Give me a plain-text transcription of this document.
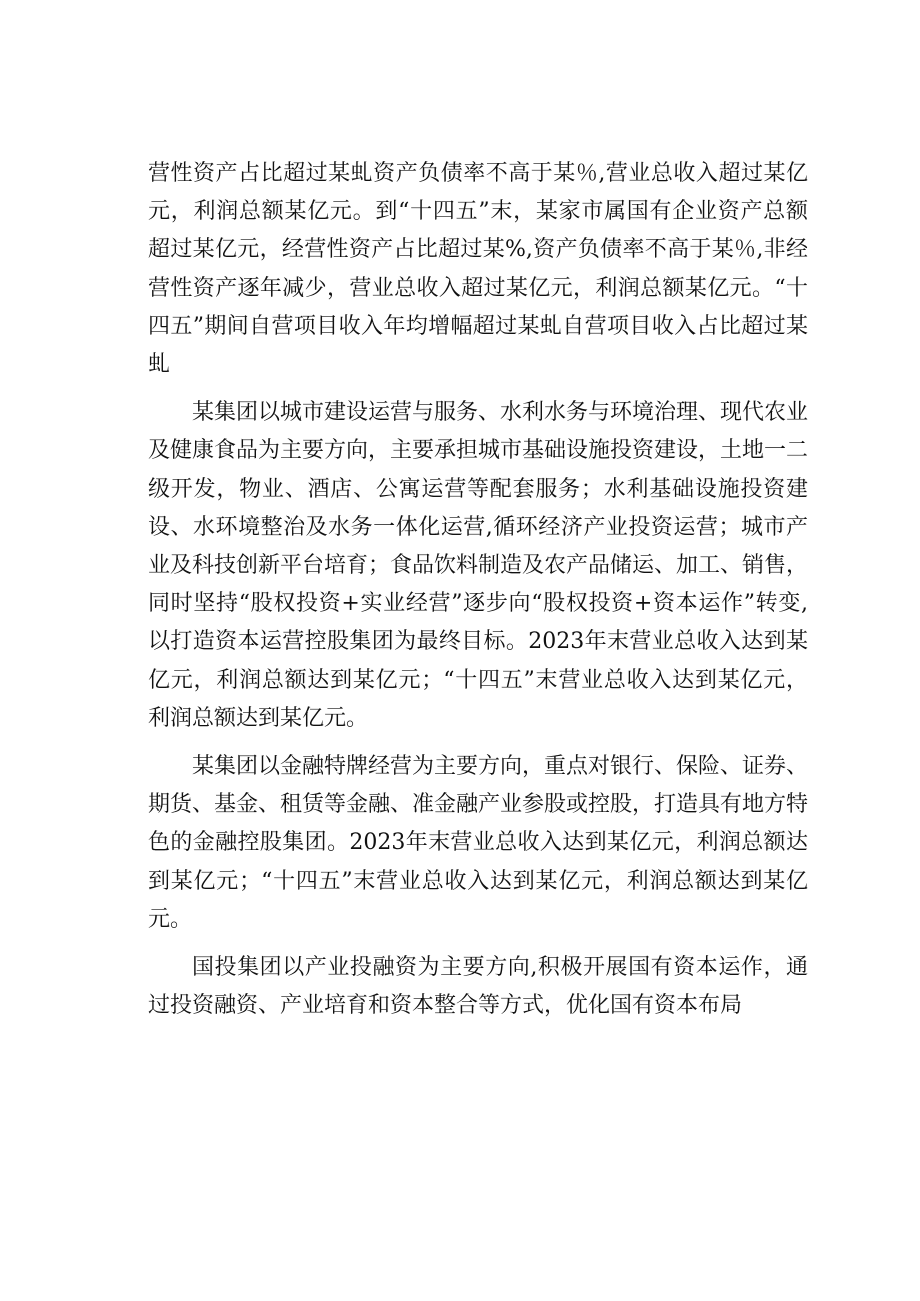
营性资产占比超过某虬资产负债率不高于某％,营业总收入超过某亿元，利润总额某亿元。到“十四五”末，某家市属国有企业资产总额超过某亿元，经营性资产占比超过某%,资产负债率不高于某％,非经营性资产逐年减少，营业总收入超过某亿元，利润总额某亿元。“十四五”期间自营项目收入年均增幅超过某虬自营项目收入占比超过某虬

某集团以城市建设运营与服务、水利水务与环境治理、现代农业及健康食品为主要方向，主要承担城市基础设施投资建设，土地一二级开发，物业、酒店、公寓运营等配套服务；水利基础设施投资建设、水环境整治及水务一体化运营,循环经济产业投资运营；城市产业及科技创新平台培育；食品饮料制造及农产品储运、加工、销售，同时坚持“股权投资+实业经营”逐步向“股权投资+资本运作”转变,以打造资本运营控股集团为最终目标。2023年末营业总收入达到某亿元，利润总额达到某亿元；“十四五”末营业总收入达到某亿元，利润总额达到某亿元。

某集团以金融特牌经营为主要方向，重点对银行、保险、证券、期货、基金、租赁等金融、准金融产业参股或控股，打造具有地方特色的金融控股集团。2023年末营业总收入达到某亿元，利润总额达到某亿元；“十四五”末营业总收入达到某亿元，利润总额达到某亿元。

国投集团以产业投融资为主要方向,积极开展国有资本运作，通过投资融资、产业培育和资本整合等方式，优化国有资本布局
